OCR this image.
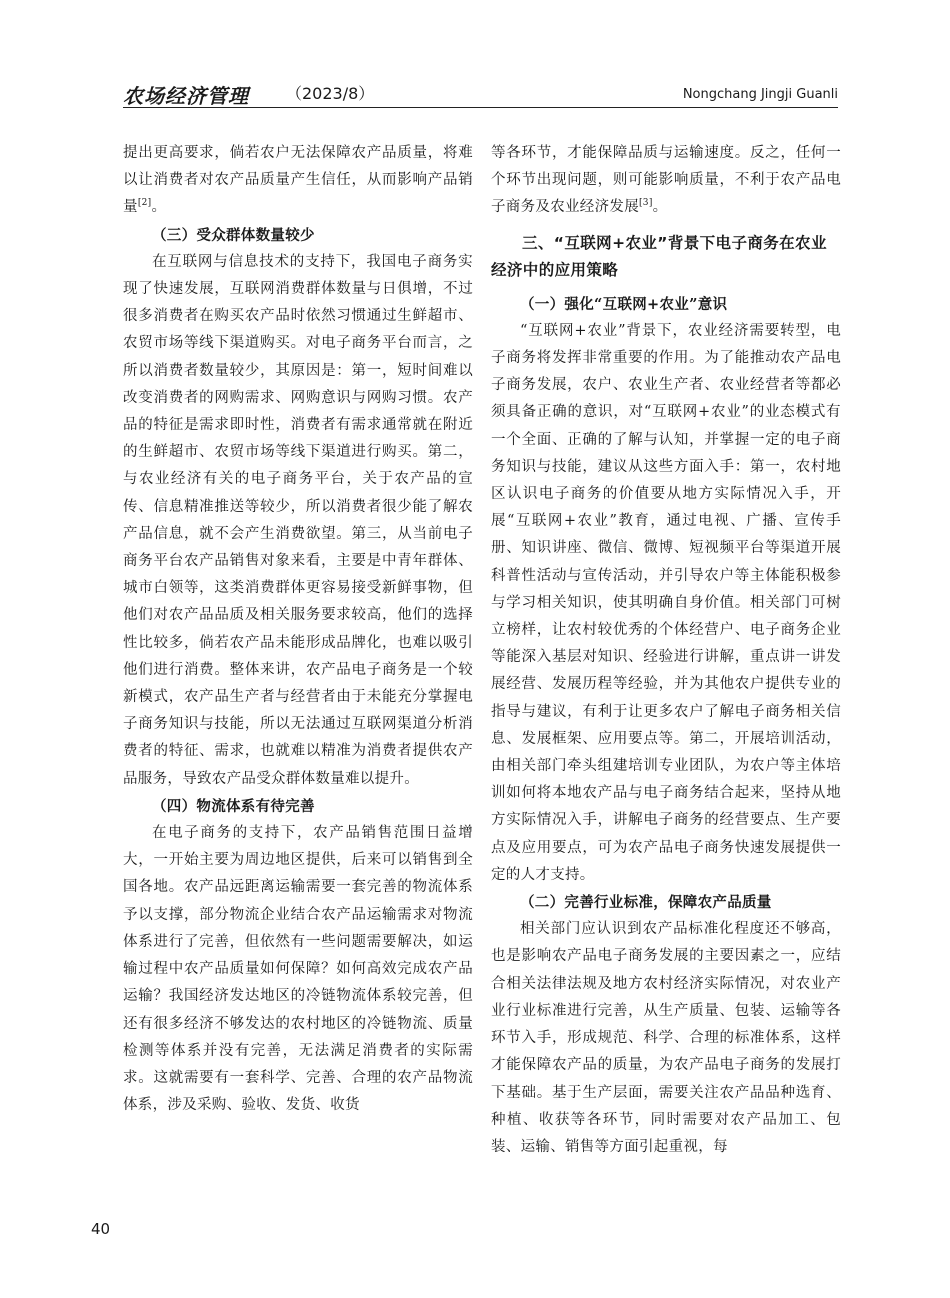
农场经济管理 （2023/8）	Nongchang Jingji Guanli

提出更高要求，倘若农户无法保障农产品质量，将难以让消费者对农产品质量产生信任，从而影响产品销量[2]。

（三）受众群体数量较少

在互联网与信息技术的支持下，我国电子商务实现了快速发展，互联网消费群体数量与日俱增，不过很多消费者在购买农产品时依然习惯通过生鲜超市、农贸市场等线下渠道购买。对电子商务平台而言，之所以消费者数量较少，其原因是：第一，短时间难以改变消费者的网购需求、网购意识与网购习惯。农产品的特征是需求即时性，消费者有需求通常就在附近的生鲜超市、农贸市场等线下渠道进行购买。第二，与农业经济有关的电子商务平台，关于农产品的宣传、信息精准推送等较少，所以消费者很少能了解农产品信息，就不会产生消费欲望。第三，从当前电子商务平台农产品销售对象来看，主要是中青年群体、城市白领等，这类消费群体更容易接受新鲜事物，但他们对农产品品质及相关服务要求较高，他们的选择性比较多，倘若农产品未能形成品牌化，也难以吸引他们进行消费。整体来讲，农产品电子商务是一个较新模式，农产品生产者与经营者由于未能充分掌握电子商务知识与技能，所以无法通过互联网渠道分析消费者的特征、需求，也就难以精准为消费者提供农产品服务，导致农产品受众群体数量难以提升。

（四）物流体系有待完善

在电子商务的支持下，农产品销售范围日益增大，一开始主要为周边地区提供，后来可以销售到全国各地。农产品远距离运输需要一套完善的物流体系予以支撑，部分物流企业结合农产品运输需求对物流体系进行了完善，但依然有一些问题需要解决，如运输过程中农产品质量如何保障？如何高效完成农产品运输？我国经济发达地区的冷链物流体系较完善，但还有很多经济不够发达的农村地区的冷链物流、质量检测等体系并没有完善，无法满足消费者的实际需求。这就需要有一套科学、完善、合理的农产品物流体系，涉及采购、验收、发货、收货

等各环节，才能保障品质与运输速度。反之，任何一个环节出现问题，则可能影响质量，不利于农产品电子商务及农业经济发展[3]。

三、“互联网+农业”背景下电子商务在农业经济中的应用策略
（一）强化“互联网+农业”意识

“互联网+农业”背景下，农业经济需要转型，电子商务将发挥非常重要的作用。为了能推动农产品电子商务发展，农户、农业生产者、农业经营者等都必须具备正确的意识，对“互联网+农业”的业态模式有一个全面、正确的了解与认知，并掌握一定的电子商务知识与技能，建议从这些方面入手：第一，农村地区认识电子商务的价值要从地方实际情况入手，开展“互联网+农业”教育，通过电视、广播、宣传手册、知识讲座、微信、微博、短视频平台等渠道开展科普性活动与宣传活动，并引导农户等主体能积极参与学习相关知识，使其明确自身价值。相关部门可树立榜样，让农村较优秀的个体经营户、电子商务企业等能深入基层对知识、经验进行讲解，重点讲一讲发展经营、发展历程等经验，并为其他农户提供专业的指导与建议，有利于让更多农户了解电子商务相关信息、发展框架、应用要点等。第二，开展培训活动，由相关部门牵头组建培训专业团队，为农户等主体培训如何将本地农产品与电子商务结合起来，坚持从地方实际情况入手，讲解电子商务的经营要点、生产要点及应用要点，可为农产品电子商务快速发展提供一定的人才支持。

（二）完善行业标准，保障农产品质量

相关部门应认识到农产品标准化程度还不够高，也是影响农产品电子商务发展的主要因素之一，应结合相关法律法规及地方农村经济实际情况，对农业产业行业标准进行完善，从生产质量、包装、运输等各环节入手，形成规范、科学、合理的标准体系，这样才能保障农产品的质量，为农产品电子商务的发展打下基础。基于生产层面，需要关注农产品品种选育、种植、收获等各环节，同时需要对农产品加工、包装、运输、销售等方面引起重视，每

40
